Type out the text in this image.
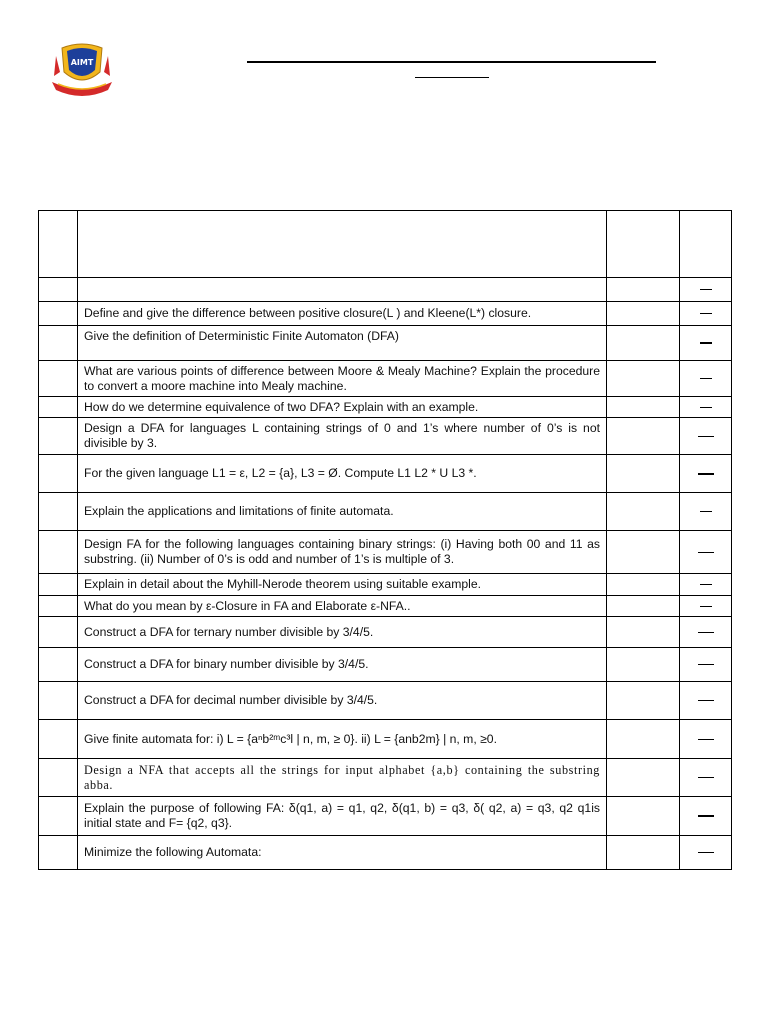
AIMT

	Define and give the difference between positive closure(L ) and Kleene(L*) closure.		

	Give the definition of Deterministic Finite Automaton (DFA)		

	What are various points of difference between Moore & Mealy Machine? Explain the procedure to convert a moore machine into Mealy machine.		

	How do we determine equivalence of two DFA? Explain with an example.		

	Design a DFA for languages L containing strings of 0 and 1’s where number of 0’s is not divisible by 3.		

	For the given language L1 = ε, L2 = {a}, L3 = Ø. Compute L1 L2 * U L3 *.		

	Explain the applications and limitations of finite automata.		

	Design FA for the following languages containing binary strings: (i) Having both 00 and 11 as substring. (ii) Number of 0’s is odd and number of 1’s is multiple of 3.		

	Explain in detail about the Myhill-Nerode theorem using suitable example.		

	What do you mean by ε-Closure in FA and Elaborate ε-NFA..		

	Construct a DFA for ternary number divisible by 3/4/5.		

	Construct a DFA for binary number divisible by 3/4/5.		

	Construct a DFA for decimal number divisible by 3/4/5.		

	Give finite automata for: i) L = {aⁿb²ᵐc³l | n, m, ≥ 0}. ii) L = {anb2m} | n, m, ≥0.		

	Design a NFA that accepts all the strings for input alphabet {a,b} containing the substring abba.		

	Explain the purpose of following FA: δ(q1, a) = q1, q2, δ(q1, b) = q3, δ( q2, a) = q3, q2 q1is initial state and F= {q2, q3}.		

	Minimize the following Automata:		
